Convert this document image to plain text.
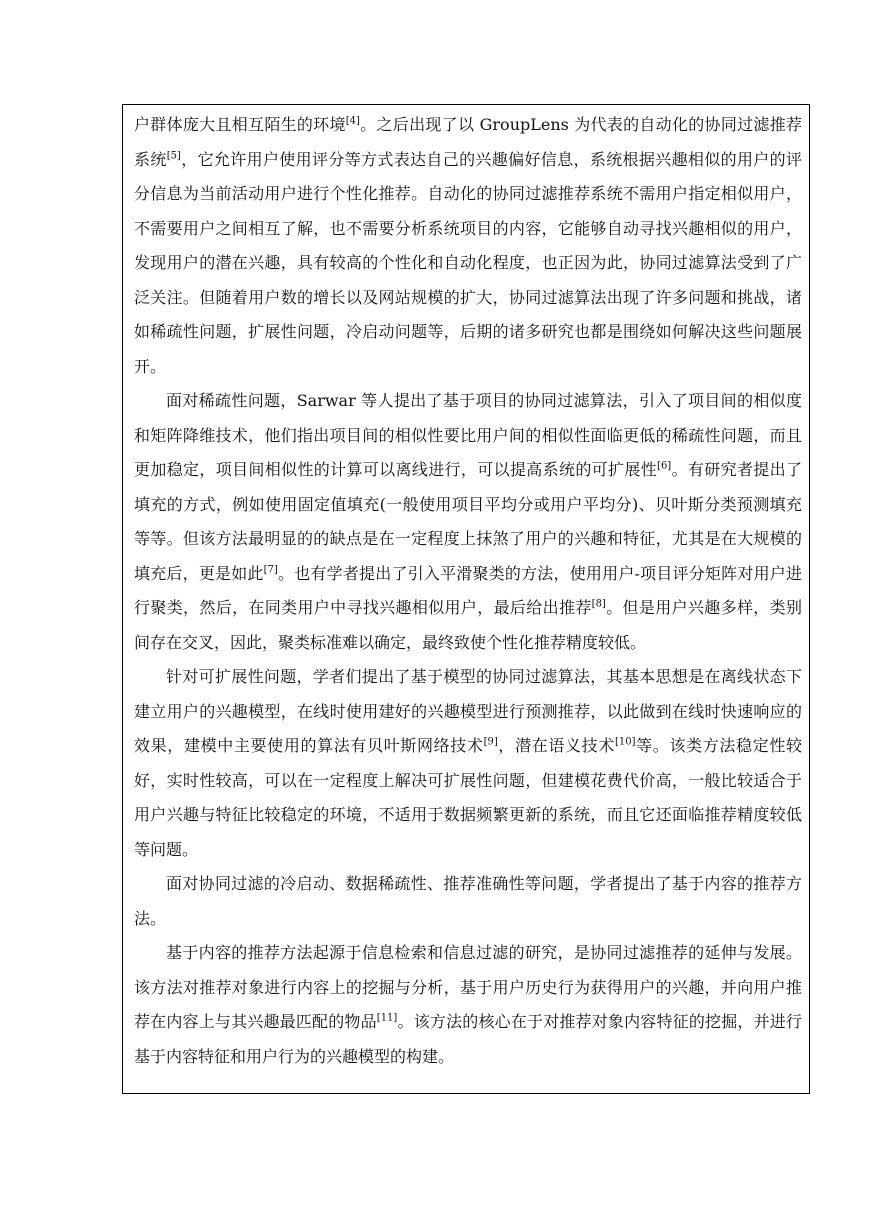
户群体庞大且相互陌生的环境[4]。之后出现了以 GroupLens 为代表的自动化的协同过滤推荐系统[5]，它允许用户使用评分等方式表达自己的兴趣偏好信息，系统根据兴趣相似的用户的评分信息为当前活动用户进行个性化推荐。自动化的协同过滤推荐系统不需用户指定相似用户，不需要用户之间相互了解，也不需要分析系统项目的内容，它能够自动寻找兴趣相似的用户，发现用户的潜在兴趣，具有较高的个性化和自动化程度，也正因为此，协同过滤算法受到了广泛关注。但随着用户数的增长以及网站规模的扩大，协同过滤算法出现了许多问题和挑战，诸如稀疏性问题，扩展性问题，冷启动问题等，后期的诸多研究也都是围绕如何解决这些问题展开。

面对稀疏性问题，Sarwar 等人提出了基于项目的协同过滤算法，引入了项目间的相似度和矩阵降维技术，他们指出项目间的相似性要比用户间的相似性面临更低的稀疏性问题，而且更加稳定，项目间相似性的计算可以离线进行，可以提高系统的可扩展性[6]。有研究者提出了填充的方式，例如使用固定值填充(一般使用项目平均分或用户平均分)、贝叶斯分类预测填充等等。但该方法最明显的的缺点是在一定程度上抹煞了用户的兴趣和特征，尤其是在大规模的填充后，更是如此[7]。也有学者提出了引入平滑聚类的方法，使用用户-项目评分矩阵对用户进行聚类，然后，在同类用户中寻找兴趣相似用户，最后给出推荐[8]。但是用户兴趣多样，类别间存在交叉，因此，聚类标准难以确定，最终致使个性化推荐精度较低。

针对可扩展性问题，学者们提出了基于模型的协同过滤算法，其基本思想是在离线状态下建立用户的兴趣模型，在线时使用建好的兴趣模型进行预测推荐，以此做到在线时快速响应的效果，建模中主要使用的算法有贝叶斯网络技术[9]，潜在语义技术[10]等。该类方法稳定性较好，实时性较高，可以在一定程度上解决可扩展性问题，但建模花费代价高，一般比较适合于用户兴趣与特征比较稳定的环境，不适用于数据频繁更新的系统，而且它还面临推荐精度较低等问题。

面对协同过滤的冷启动、数据稀疏性、推荐准确性等问题，学者提出了基于内容的推荐方法。

基于内容的推荐方法起源于信息检索和信息过滤的研究，是协同过滤推荐的延伸与发展。该方法对推荐对象进行内容上的挖掘与分析，基于用户历史行为获得用户的兴趣，并向用户推荐在内容上与其兴趣最匹配的物品[11]。该方法的核心在于对推荐对象内容特征的挖掘，并进行基于内容特征和用户行为的兴趣模型的构建。
